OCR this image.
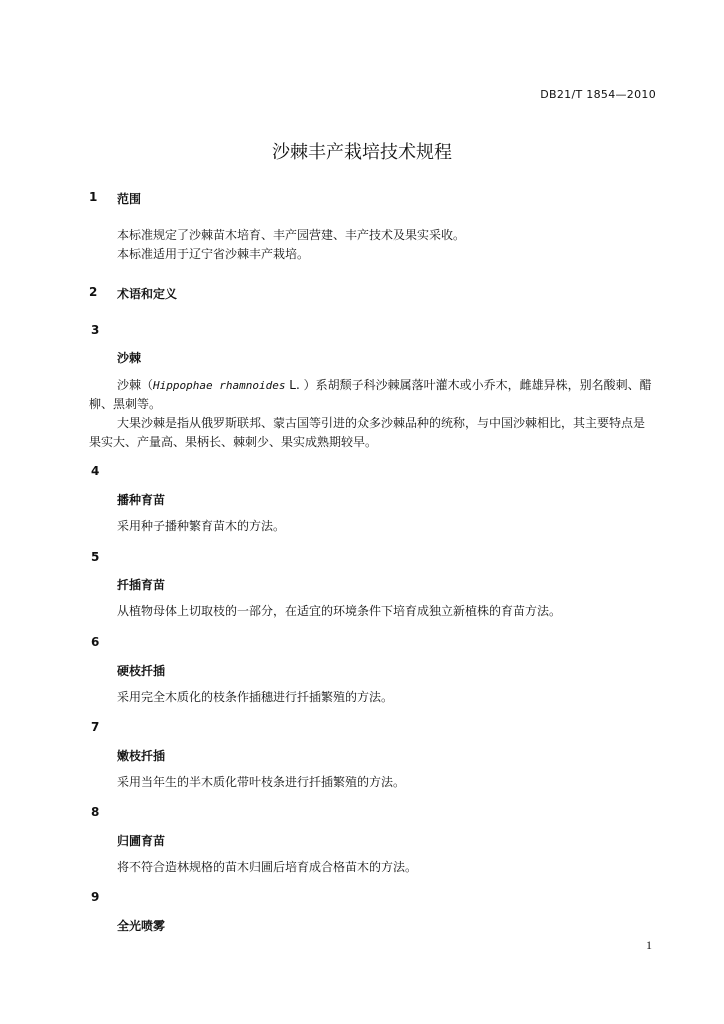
DB21/T 1854—2010
沙棘丰产栽培技术规程
1 范围

本标准规定了沙棘苗木培育、丰产园营建、丰产技术及果实采收。

本标准适用于辽宁省沙棘丰产栽培。

2 术语和定义
3
沙棘

沙棘（Hippophae rhamnoides L. ）系胡颓子科沙棘属落叶灌木或小乔木，雌雄异株，别名酸刺、醋柳、黑刺等。

大果沙棘是指从俄罗斯联邦、蒙古国等引进的众多沙棘品种的统称，与中国沙棘相比，其主要特点是果实大、产量高、果柄长、棘刺少、果实成熟期较早。

4
播种育苗

采用种子播种繁育苗木的方法。

5
扦插育苗

从植物母体上切取枝的一部分，在适宜的环境条件下培育成独立新植株的育苗方法。

6
硬枝扦插

采用完全木质化的枝条作插穗进行扦插繁殖的方法。

7
嫩枝扦插

采用当年生的半木质化带叶枝条进行扦插繁殖的方法。

8
归圃育苗

将不符合造林规格的苗木归圃后培育成合格苗木的方法。

9
全光喷雾
1
